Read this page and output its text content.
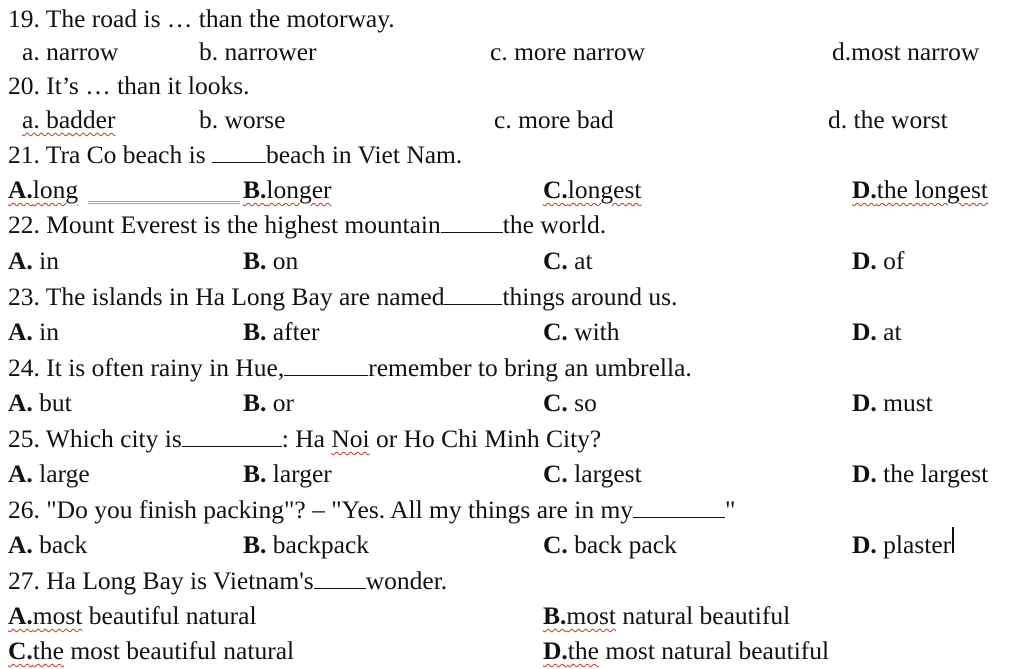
19. The road is … than the motorway.
a. narrow	b. narrower	c. more narrow	d.most narrow
20. It’s … than it looks.
a. badder	b. worse	c. more bad	d. the worst
21. Tra Co beach is beach in Viet Nam.
A.long	B.longer	C.longest	D.the longest
22. Mount Everest is the highest mountain the world.
A. in	B. on	C. at	D. of
23. The islands in Ha Long Bay are named things around us.
A. in	B. after	C. with	D. at
24. It is often rainy in Hue,	remember to bring an umbrella.
A. but	B. or	C. so	D. must
25. Which city is	: Ha Noi or Ho Chi Minh City?
A. large	B. larger	C. largest	D. the largest
26. "Do you finish packing"? – "Yes. All my things are in my	"
A. back	B. backpack	C. back pack	D. plaster
27. Ha Long Bay is Vietnam's wonder.
A.most beautiful natural	B.most natural beautiful
C.the most beautiful natural	D.the most natural beautiful
